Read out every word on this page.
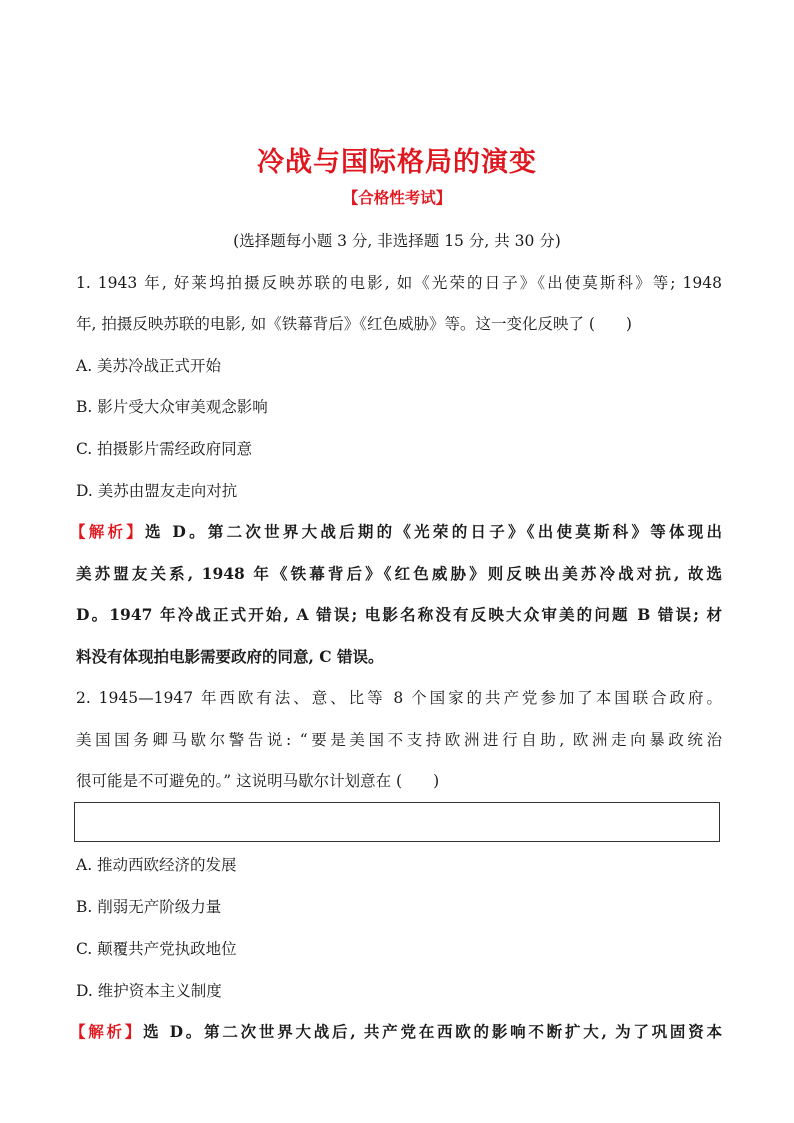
冷战与国际格局的演变
【合格性考试】
(选择题每小题 3 分, 非选择题 15 分, 共 30 分)
1. 1943 年, 好莱坞拍摄反映苏联的电影, 如《光荣的日子》《出使莫斯科》等; 1948
年, 拍摄反映苏联的电影, 如《铁幕背后》《红色威胁》等。这一变化反映了 (　　)
A. 美苏冷战正式开始
B. 影片受大众审美观念影响
C. 拍摄影片需经政府同意
D. 美苏由盟友走向对抗
【解析】选 D。第二次世界大战后期的《光荣的日子》《出使莫斯科》等体现出
美苏盟友关系, 1948 年《铁幕背后》《红色威胁》则反映出美苏冷战对抗, 故选
D。1947 年冷战正式开始, A 错误; 电影名称没有反映大众审美的问题 B 错误; 材
料没有体现拍电影需要政府的同意, C 错误。
2. 1945—1947 年西欧有法、意、比等 8 个国家的共产党参加了本国联合政府。
美国国务卿马歇尔警告说: “要是美国不支持欧洲进行自助, 欧洲走向暴政统治
很可能是不可避免的。” 这说明马歇尔计划意在 (　　)
A. 推动西欧经济的发展
B. 削弱无产阶级力量
C. 颠覆共产党执政地位
D. 维护资本主义制度
【解析】选 D。第二次世界大战后, 共产党在西欧的影响不断扩大, 为了巩固资本
